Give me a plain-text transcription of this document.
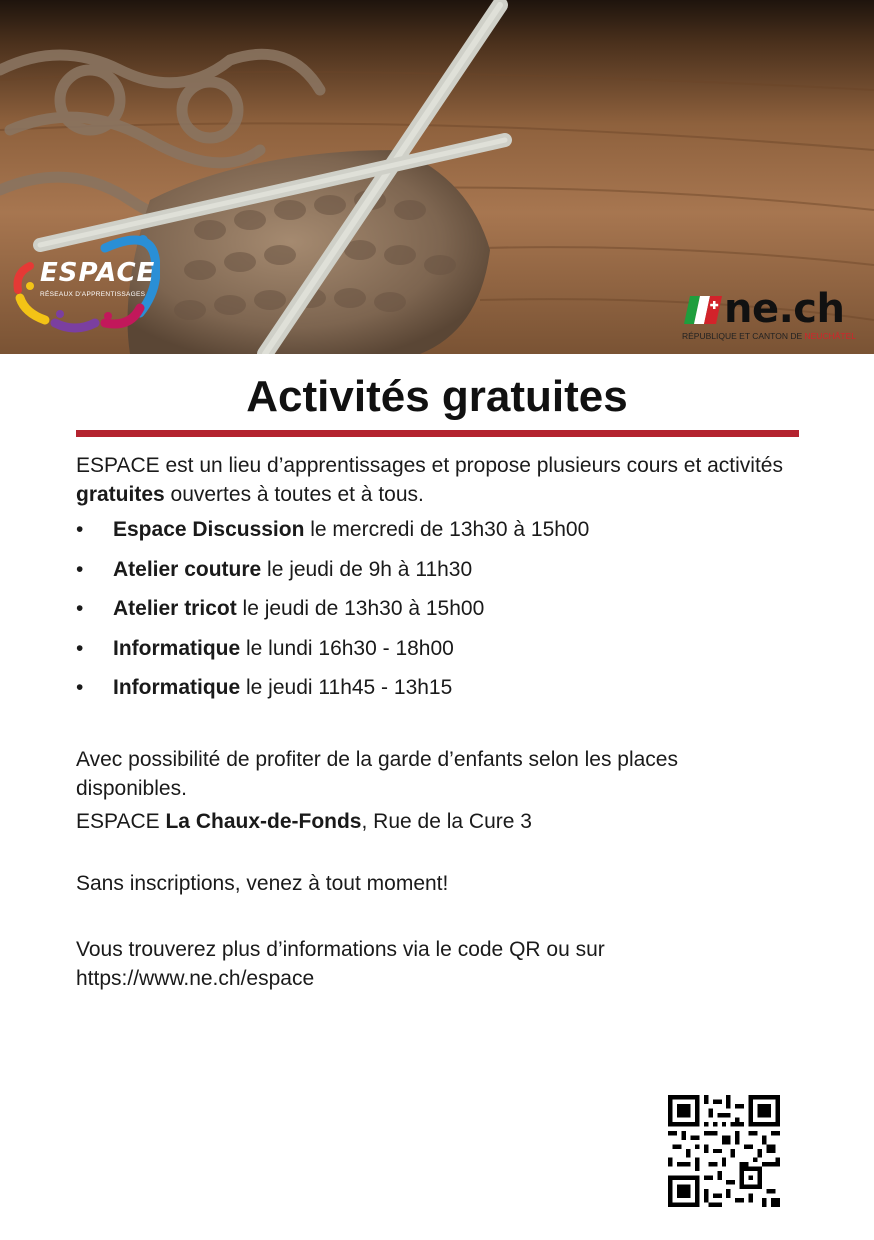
ESPACE
RÉSEAUX D'APPRENTISSAGES	ne.ch
RÉPUBLIQUE ET CANTON DE NEUCHÂTEL
Activités gratuites

ESPACE est un lieu d’apprentissages et propose plusieurs cours et activités gratuites ouvertes à toutes et à tous.

• Espace Discussion le mercredi de 13h30 à 15h00
• Atelier couture le jeudi de 9h à 11h30
• Atelier tricot le jeudi de 13h30 à 15h00
• Informatique le lundi 16h30 - 18h00
• Informatique le jeudi 11h45 - 13h15

Avec possibilité de profiter de la garde d’enfants selon les places disponibles.

ESPACE La Chaux-de-Fonds, Rue de la Cure 3

Sans inscriptions, venez à tout moment!

Vous trouverez plus d’informations via le code QR ou sur https://www.ne.ch/espace
